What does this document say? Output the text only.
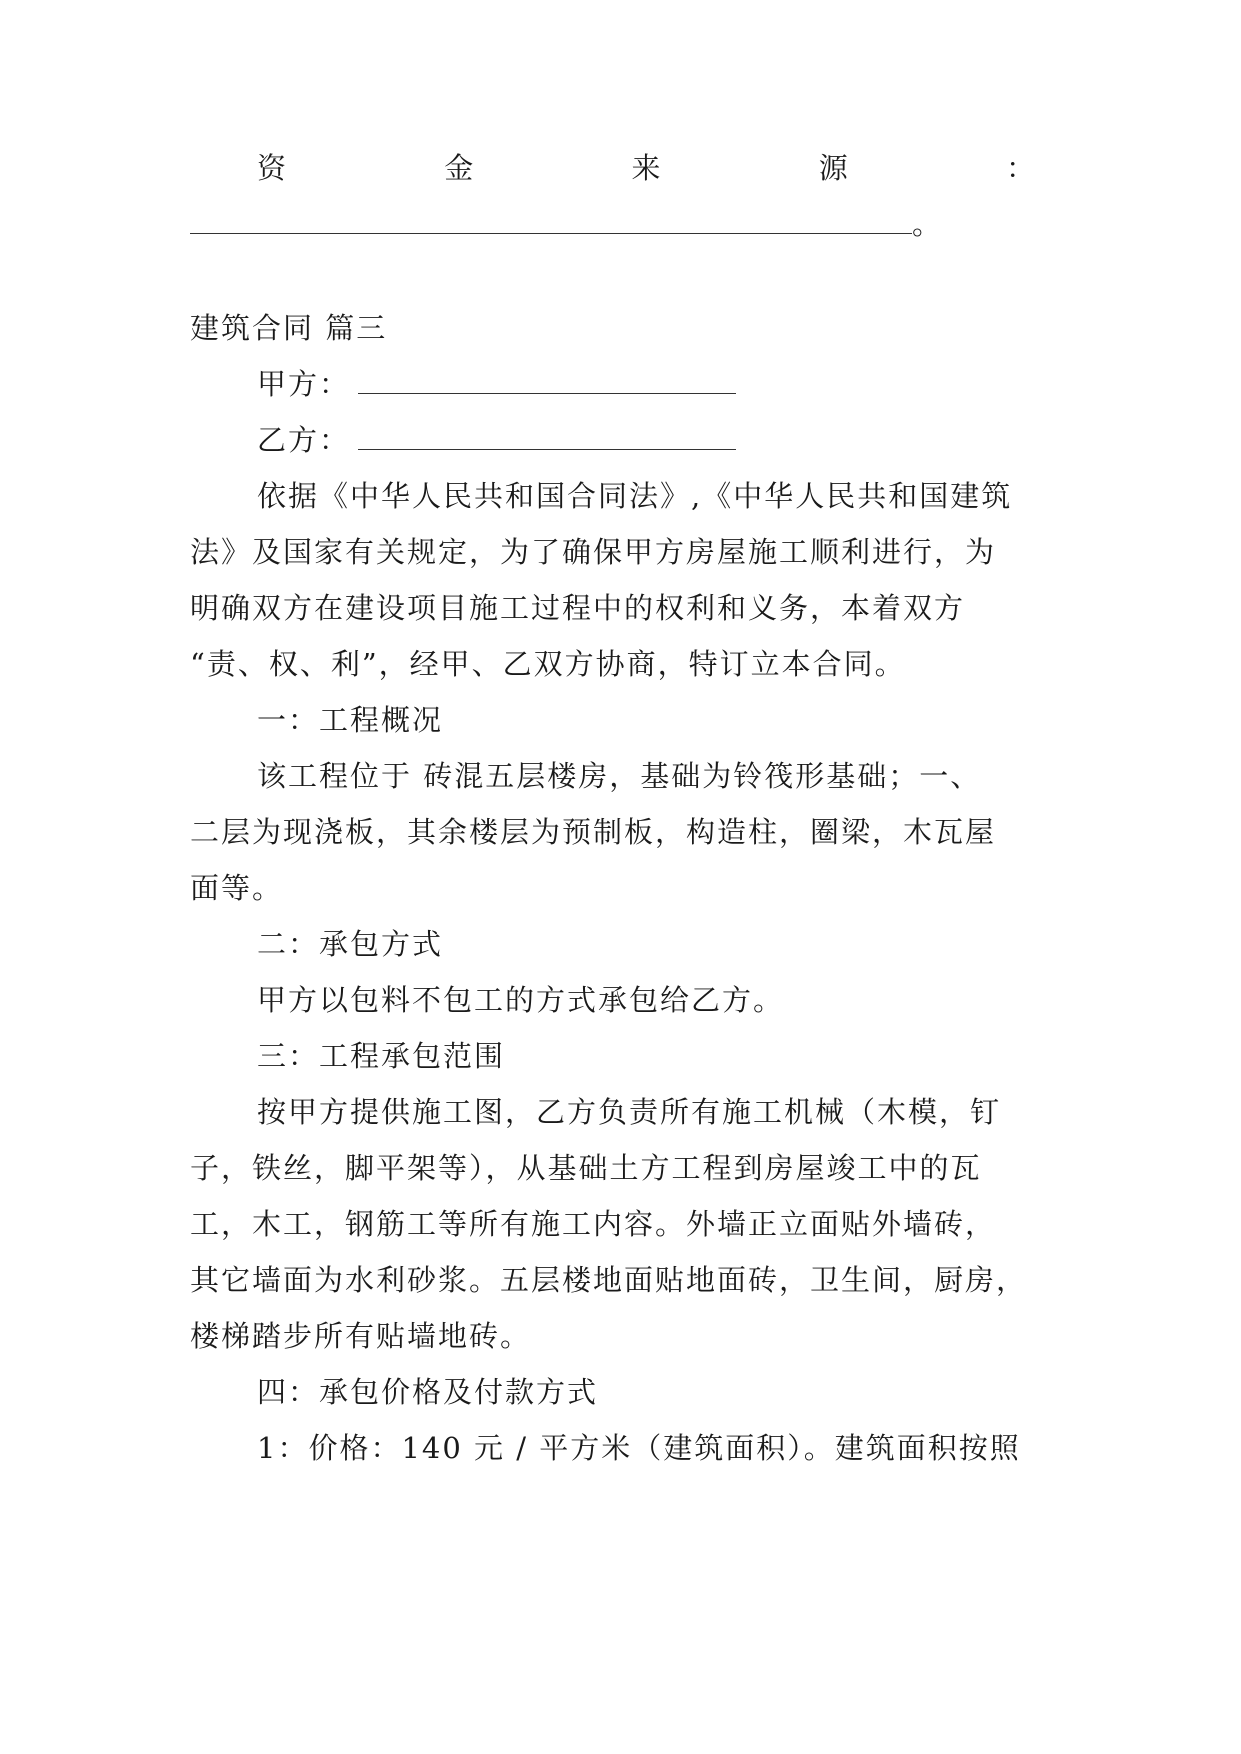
资	金	来	源	：
。
建筑合同 篇三
甲方：
乙方：
依据《中华人民共和国合同法》,《中华人民共和国建筑
法》及国家有关规定，为了确保甲方房屋施工顺利进行，为
明确双方在建设项目施工过程中的权利和义务，本着双方
“责、权、利”，经甲、乙双方协商，特订立本合同。
一：工程概况
该工程位于 砖混五层楼房，基础为铃筏形基础；一、
二层为现浇板，其余楼层为预制板，构造柱，圈梁，木瓦屋
面等。
二：承包方式
甲方以包料不包工的方式承包给乙方。
三：工程承包范围
按甲方提供施工图，乙方负责所有施工机械（木模，钉
子，铁丝，脚平架等），从基础土方工程到房屋竣工中的瓦
工，木工，钢筋工等所有施工内容。外墙正立面贴外墙砖，
其它墙面为水利砂浆。五层楼地面贴地面砖，卫生间，厨房，
楼梯踏步所有贴墙地砖。
四：承包价格及付款方式
1：价格：140 元 / 平方米（建筑面积）。建筑面积按照
